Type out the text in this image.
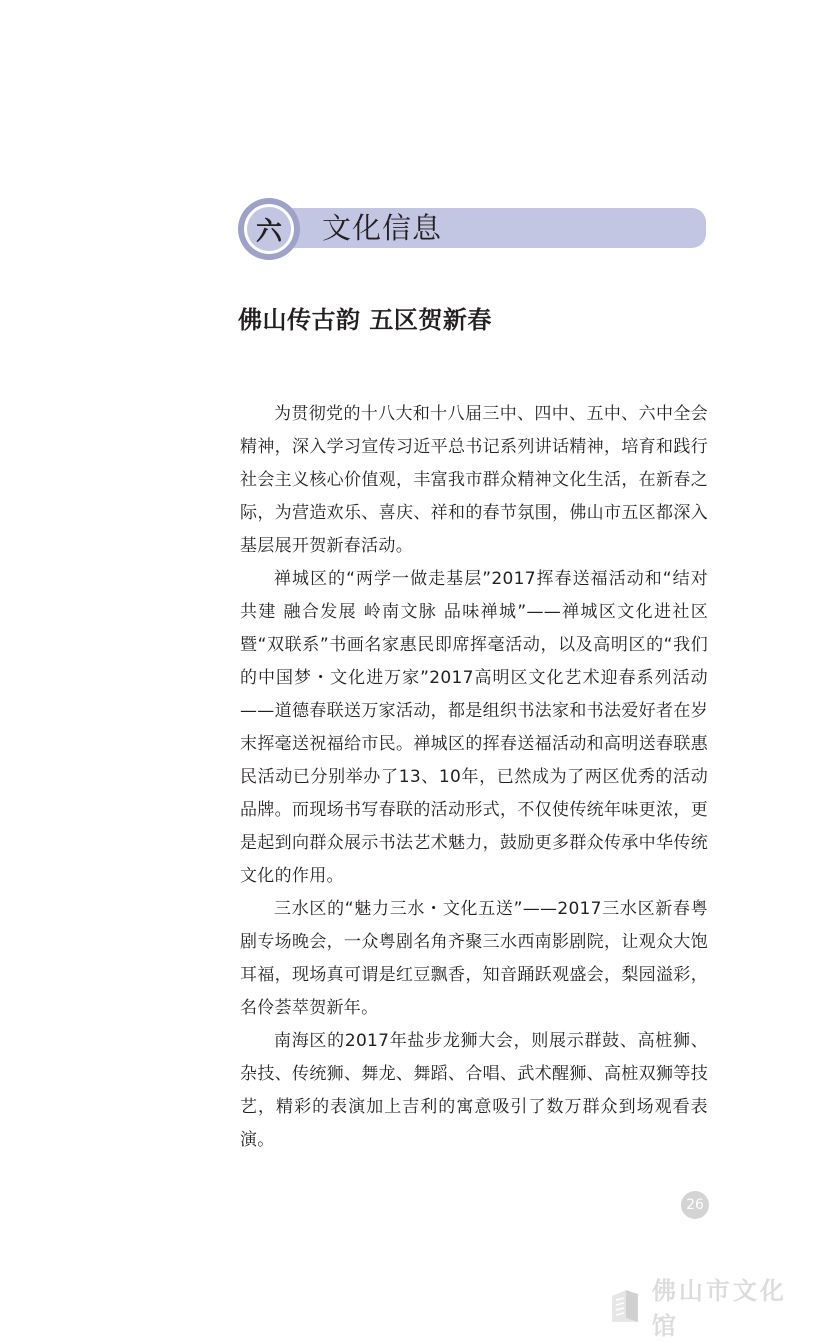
六	文化信息
佛山传古韵 五区贺新春

为贯彻党的十八大和十八届三中、四中、五中、六中全会精神，深入学习宣传习近平总书记系列讲话精神，培育和践行社会主义核心价值观，丰富我市群众精神文化生活，在新春之际，为营造欢乐、喜庆、祥和的春节氛围，佛山市五区都深入基层展开贺新春活动。

禅城区的“两学一做走基层”2017挥春送福活动和“结对共建 融合发展 岭南文脉 品味禅城”——禅城区文化进社区暨“双联系”书画名家惠民即席挥毫活动，以及高明区的“我们的中国梦・文化进万家”2017高明区文化艺术迎春系列活动——道德春联送万家活动，都是组织书法家和书法爱好者在岁末挥毫送祝福给市民。禅城区的挥春送福活动和高明送春联惠民活动已分别举办了13、10年，已然成为了两区优秀的活动品牌。而现场书写春联的活动形式，不仅使传统年味更浓，更是起到向群众展示书法艺术魅力，鼓励更多群众传承中华传统文化的作用。

三水区的“魅力三水・文化五送”——2017三水区新春粤剧专场晚会，一众粤剧名角齐聚三水西南影剧院，让观众大饱耳福，现场真可谓是红豆飘香，知音踊跃观盛会，梨园溢彩，名伶荟萃贺新年。

南海区的2017年盐步龙狮大会，则展示群鼓、高桩狮、杂技、传统狮、舞龙、舞蹈、合唱、武术醒狮、高桩双狮等技艺，精彩的表演加上吉利的寓意吸引了数万群众到场观看表演。

26
佛山市文化馆
